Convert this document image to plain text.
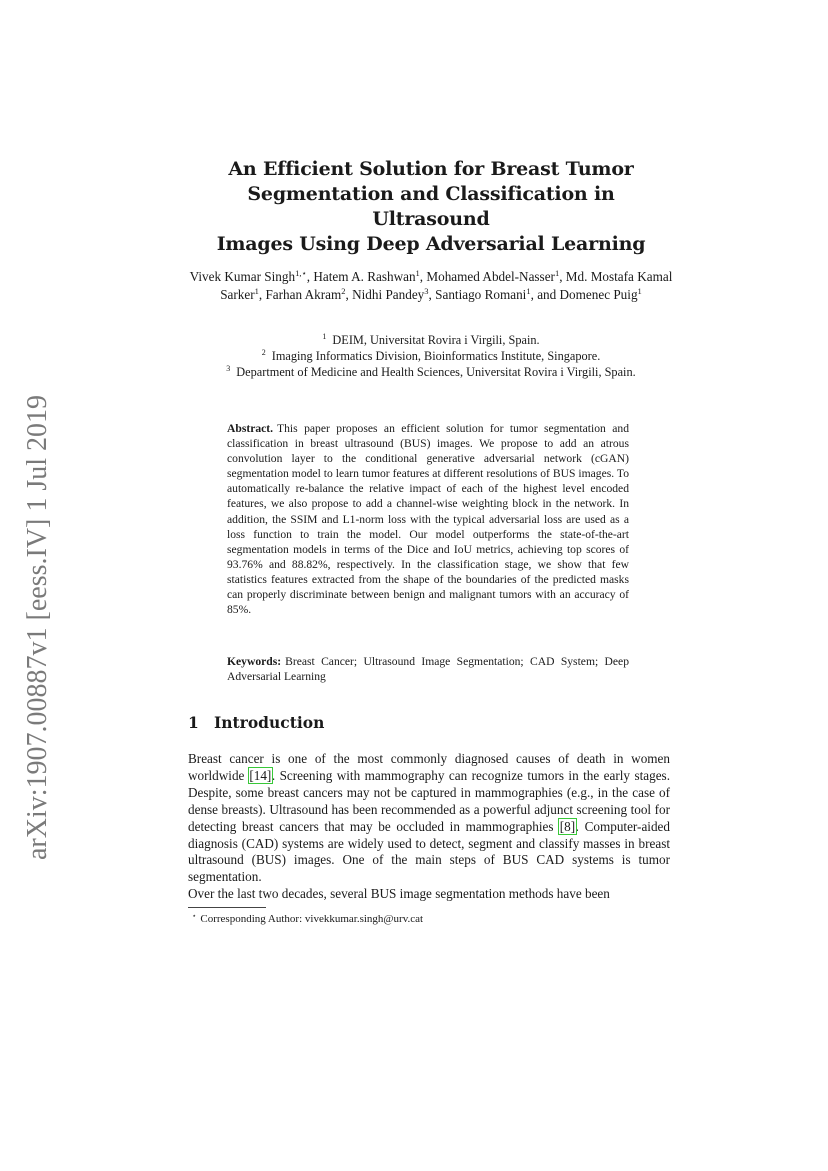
arXiv:1907.00887v1 [eess.IV] 1 Jul 2019
An Efficient Solution for Breast Tumor
Segmentation and Classification in Ultrasound
Images Using Deep Adversarial Learning
Vivek Kumar Singh$^{1,⋆}$, Hatem A. Rashwan$^1$, Mohamed Abdel-Nasser$^1$, Md. Mostafa Kamal Sarker$^1$, Farhan Akram$^2$, Nidhi Pandey$^3$, Santiago Romani$^1$, and Domenec Puig$^1$
$^1$ DEIM, Universitat Rovira i Virgili, Spain.
$^2$ Imaging Informatics Division, Bioinformatics Institute, Singapore.
$^3$ Department of Medicine and Health Sciences, Universitat Rovira i Virgili, Spain.
Abstract. This paper proposes an efficient solution for tumor segmentation and classification in breast ultrasound (BUS) images. We propose to add an atrous convolution layer to the conditional generative adversarial network (cGAN) segmentation model to learn tumor features at different resolutions of BUS images. To automatically re-balance the relative impact of each of the highest level encoded features, we also propose to add a channel-wise weighting block in the network. In addition, the SSIM and L1-norm loss with the typical adversarial loss are used as a loss function to train the model. Our model outperforms the state-of-the-art segmentation models in terms of the Dice and IoU metrics, achieving top scores of 93.76% and 88.82%, respectively. In the classification stage, we show that few statistics features extracted from the shape of the boundaries of the predicted masks can properly discriminate between benign and malignant tumors with an accuracy of 85%.
Keywords: Breast Cancer; Ultrasound Image Segmentation; CAD System; Deep Adversarial Learning
1 Introduction

Breast cancer is one of the most commonly diagnosed causes of death in women worldwide [14]. Screening with mammography can recognize tumors in the early stages. Despite, some breast cancers may not be captured in mammographies (e.g., in the case of dense breasts). Ultrasound has been recommended as a powerful adjunct screening tool for detecting breast cancers that may be occluded in mammographies [8]. Computer-aided diagnosis (CAD) systems are widely used to detect, segment and classify masses in breast ultrasound (BUS) images. One of the main steps of BUS CAD systems is tumor segmentation.

Over the last two decades, several BUS image segmentation methods have been

⋆ Corresponding Author: vivekkumar.singh@urv.cat
